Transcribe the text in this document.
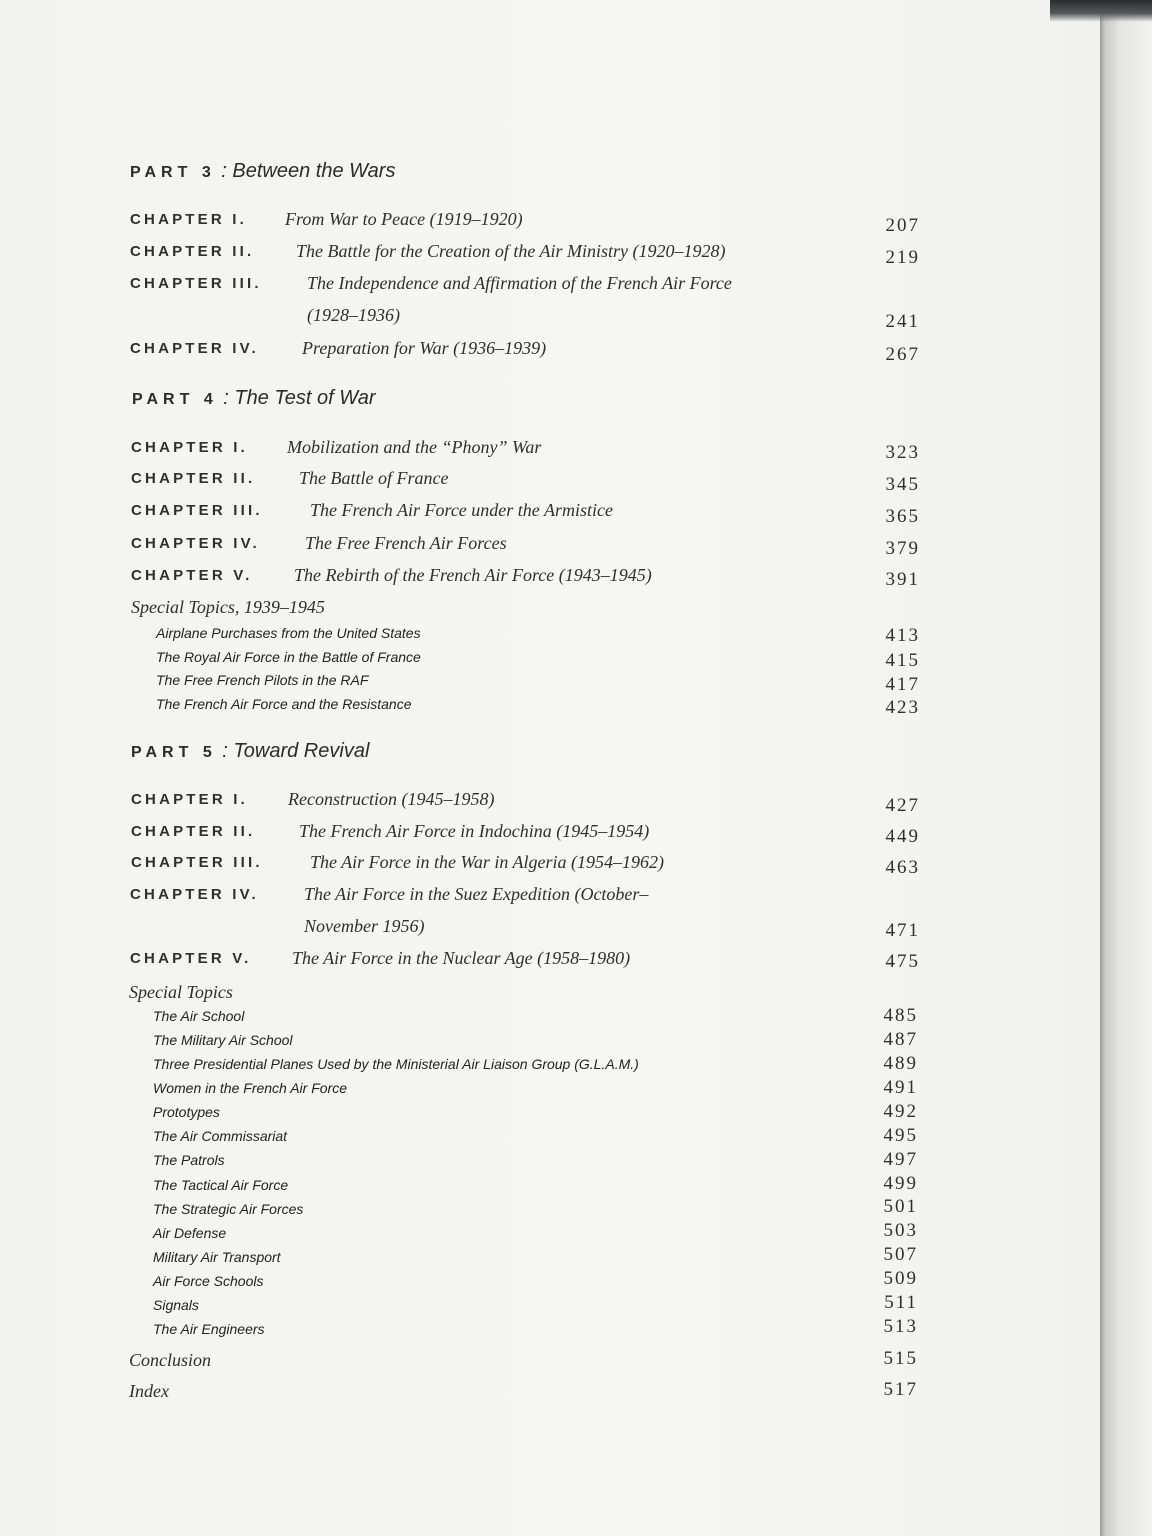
PART 3 : Between the Wars
CHAPTER I. From War to Peace (1919–1920)	207
CHAPTER II. The Battle for the Creation of the Air Ministry (1920–1928)	219
CHAPTER III.	The Independence and Affirmation of the French Air Force
(1928–1936)	241
CHAPTER IV. Preparation for War (1936–1939)	267
PART 4 : The Test of War
CHAPTER I. Mobilization and the “Phony” War	323
CHAPTER II. The Battle of France	345
CHAPTER III.	The French Air Force under the Armistice	365
CHAPTER IV.	The Free French Air Forces	379
CHAPTER V. The Rebirth of the French Air Force (1943–1945)	391
Special Topics, 1939–1945
Airplane Purchases from the United States	413
The Royal Air Force in the Battle of France	415
The Free French Pilots in the RAF	417
The French Air Force and the Resistance	423
PART 5 : Toward Revival
CHAPTER I. Reconstruction (1945–1958)	427
CHAPTER II. The French Air Force in Indochina (1945–1954)	449
CHAPTER III.	The Air Force in the War in Algeria (1954–1962)	463
CHAPTER IV.	The Air Force in the Suez Expedition (October–
November 1956)	471
CHAPTER V. The Air Force in the Nuclear Age (1958–1980)	475
Special Topics
The Air School	485
The Military Air School	487
Three Presidential Planes Used by the Ministerial Air Liaison Group (G.L.A.M.)	489
Women in the French Air Force	491
Prototypes	492
The Air Commissariat	495
The Patrols	497
The Tactical Air Force	499
The Strategic Air Forces	501
Air Defense	503
Military Air Transport	507
Air Force Schools	509
Signals	511
The Air Engineers	513
Conclusion	515
Index	517
